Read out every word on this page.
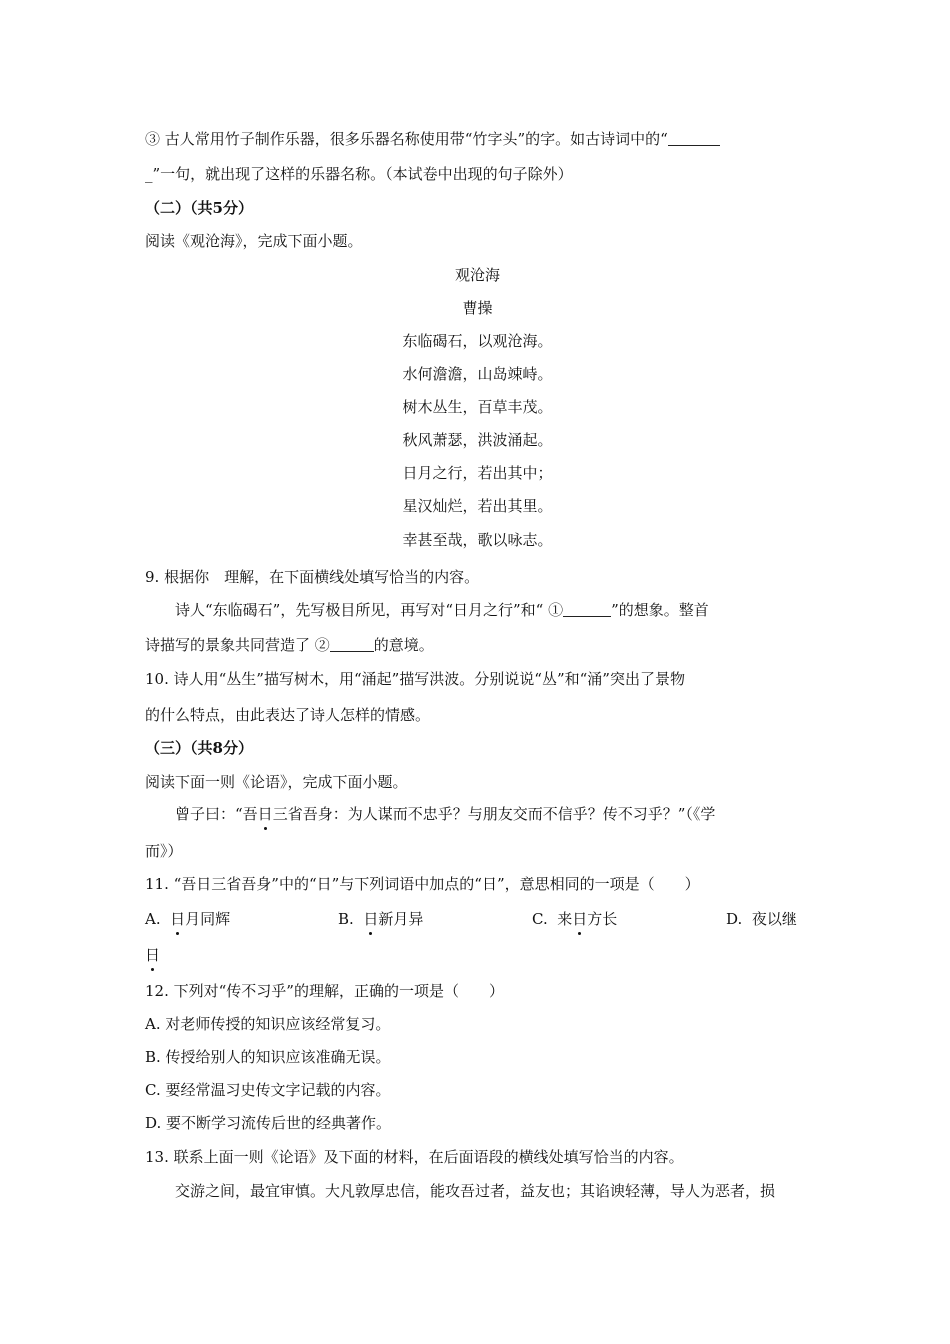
③ 古人常用竹子制作乐器，很多乐器名称使用带“竹字头”的字。如古诗词中的“
_”一句，就出现了这样的乐器名称。（本试卷中出现的句子除外）
（二）（共5分）
阅读《观沧海》，完成下面小题。
观沧海
曹操
东临碣石，以观沧海。
水何澹澹，山岛竦峙。
树木丛生，百草丰茂。
秋风萧瑟，洪波涌起。
日月之行，若出其中；
星汉灿烂，若出其里。
幸甚至哉，歌以咏志。
9. 根据你　理解，在下面横线处填写恰当的内容。
诗人“东临碣石”，先写极目所见，再写对“日月之行”和“ ①	”的想象。整首
诗描写的景象共同营造了 ②	的意境。
10. 诗人用“丛生”描写树木，用“涌起”描写洪波。分别说说“丛”和“涌”突出了景物
的什么特点，由此表达了诗人怎样的情感。
（三）（共8分）
阅读下面一则《论语》，完成下面小题。
曾子曰：“吾日三省吾身：为人谋而不忠乎？与朋友交而不信乎？传不习乎？”（《学
而》）
11. “吾日三省吾身”中的“日”与下列词语中加点的“日”，意思相同的一项是（　　）
A. 日月同辉	B. 日新月异	C. 来日方长	D. 夜以继
日
12. 下列对“传不习乎”的理解，正确的一项是（　　）
A. 对老师传授的知识应该经常复习。
B. 传授给别人的知识应该准确无误。
C. 要经常温习史传文字记载的内容。
D. 要不断学习流传后世的经典著作。
13. 联系上面一则《论语》及下面的材料，在后面语段的横线处填写恰当的内容。
交游之间，最宜审慎。大凡敦厚忠信，能攻吾过者，益友也；其谄谀轻薄，导人为恶者，损
